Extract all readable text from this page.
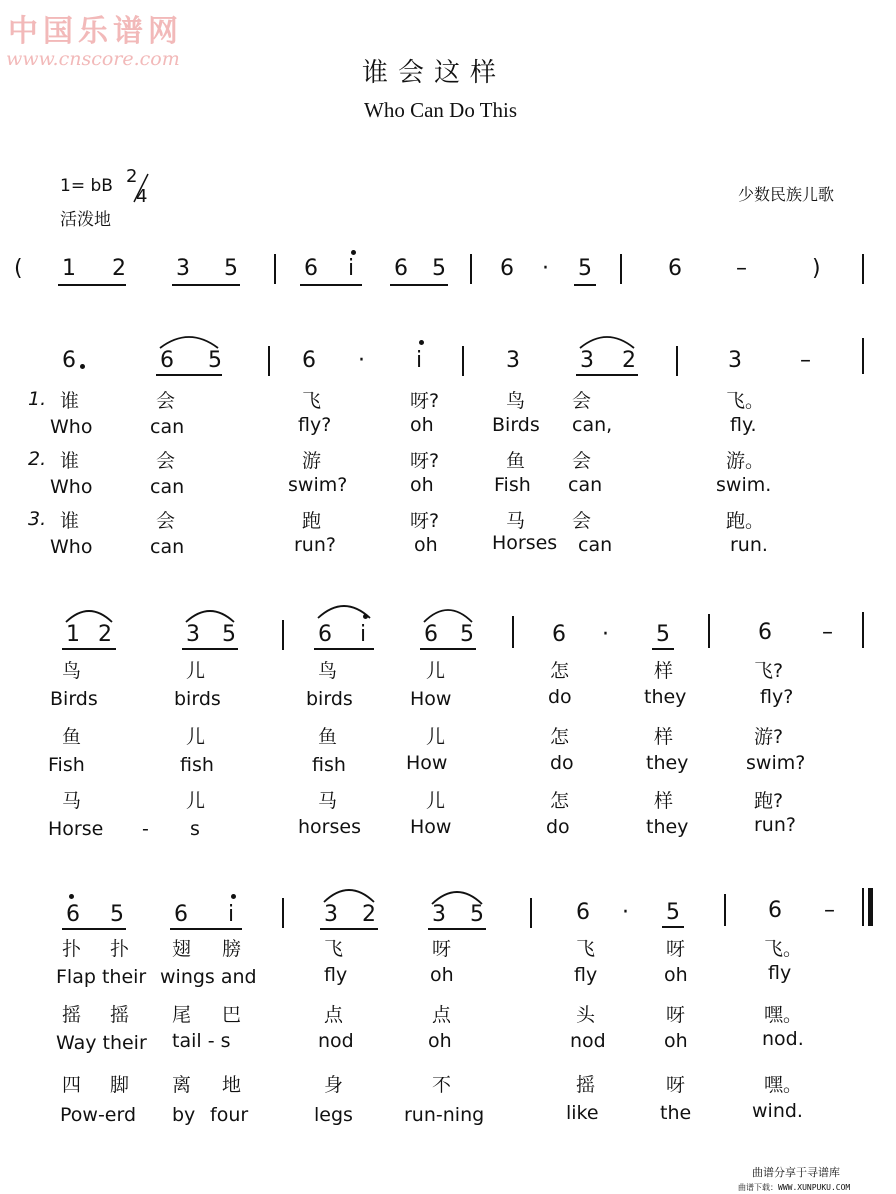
中国乐谱网
www.cnscore.com	谁会这样
Who Can Do This
1= bB 2
4
活泼地
少数民族儿歌
( 1 2 3 5	6 i 6 5 6 · 5	6 –	)
6	6 5	6 · i	3	3 2	3	–
1. 谁	会	飞	呀?	鸟 会	飞。
Who	can	fly?	oh	Birds can,	fly.
2. 谁	会	游	呀?	鱼 会	游。
Who	can	swim?	oh	Fish can	swim.
3. 谁	会	跑	呀?	马 会	跑。
Who	can	run?	oh	Horses can	run.
1 2	3 5	6 i	6 5	6 · 5	6 –
鸟	儿	鸟	儿	怎	样	飞?
Birds	birds	birds	How	do	they	fly?
鱼	儿	鱼	儿	怎	样	游?
Fish	fish	fish	How	do	they	swim?
马	儿	马	儿	怎	样	跑?
Horse - s	horses	How	do	they	run?
6 5 6 i	3 2	3 5	6 · 5	6 –
扑 扑 翅 膀	飞	呀	飞	呀	飞。
Flap their wings and	fly	oh	fly	oh	fly
摇 摇 尾 巴	点	点	头	呀	嘿。
Way their tail - s	nod	oh	nod	oh	nod.
四 脚 离 地	身	不	摇	呀	嘿。
Pow-erd by four	legs	run-ning	like	the	wind.
曲谱分享于寻谱库
曲谱下载：WWW.XUNPUKU.COM
